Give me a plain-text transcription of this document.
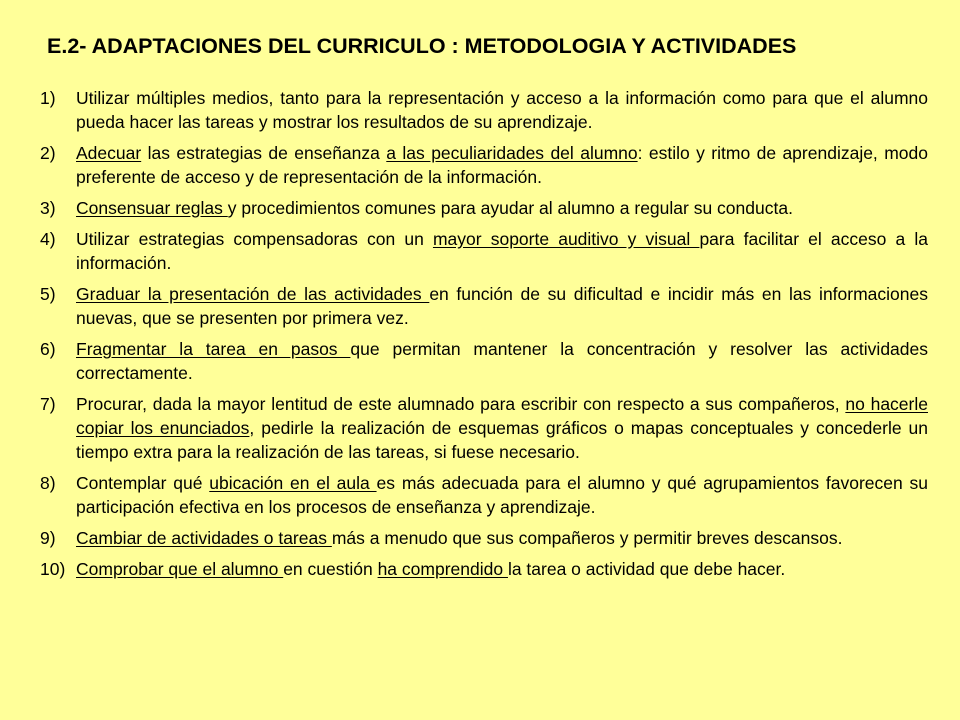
E.2- ADAPTACIONES DEL CURRICULO : METODOLOGIA Y ACTIVIDADES
1) Utilizar múltiples medios, tanto para la representación y acceso a la información como para que el alumno pueda hacer las tareas y mostrar los resultados de su aprendizaje.
2) Adecuar las estrategias de enseñanza a las peculiaridades del alumno: estilo y ritmo de aprendizaje, modo preferente de acceso y de representación de la información.
3) Consensuar reglas y procedimientos comunes para ayudar al alumno a regular su conducta.
4) Utilizar estrategias compensadoras con un mayor soporte auditivo y visual para facilitar el acceso a la información.
5) Graduar la presentación de las actividades en función de su dificultad e incidir más en las informaciones nuevas, que se presenten por primera vez.
6) Fragmentar la tarea en pasos que permitan mantener la concentración y resolver las actividades correctamente.
7) Procurar, dada la mayor lentitud de este alumnado para escribir con respecto a sus compañeros, no hacerle copiar los enunciados, pedirle la realización de esquemas gráficos o mapas conceptuales y concederle un tiempo extra para la realización de las tareas, si fuese necesario.
8) Contemplar qué ubicación en el aula es más adecuada para el alumno y qué agrupamientos favorecen su participación efectiva en los procesos de enseñanza y aprendizaje.
9) Cambiar de actividades o tareas más a menudo que sus compañeros y permitir breves descansos.
10) Comprobar que el alumno en cuestión ha comprendido la tarea o actividad que debe hacer.
